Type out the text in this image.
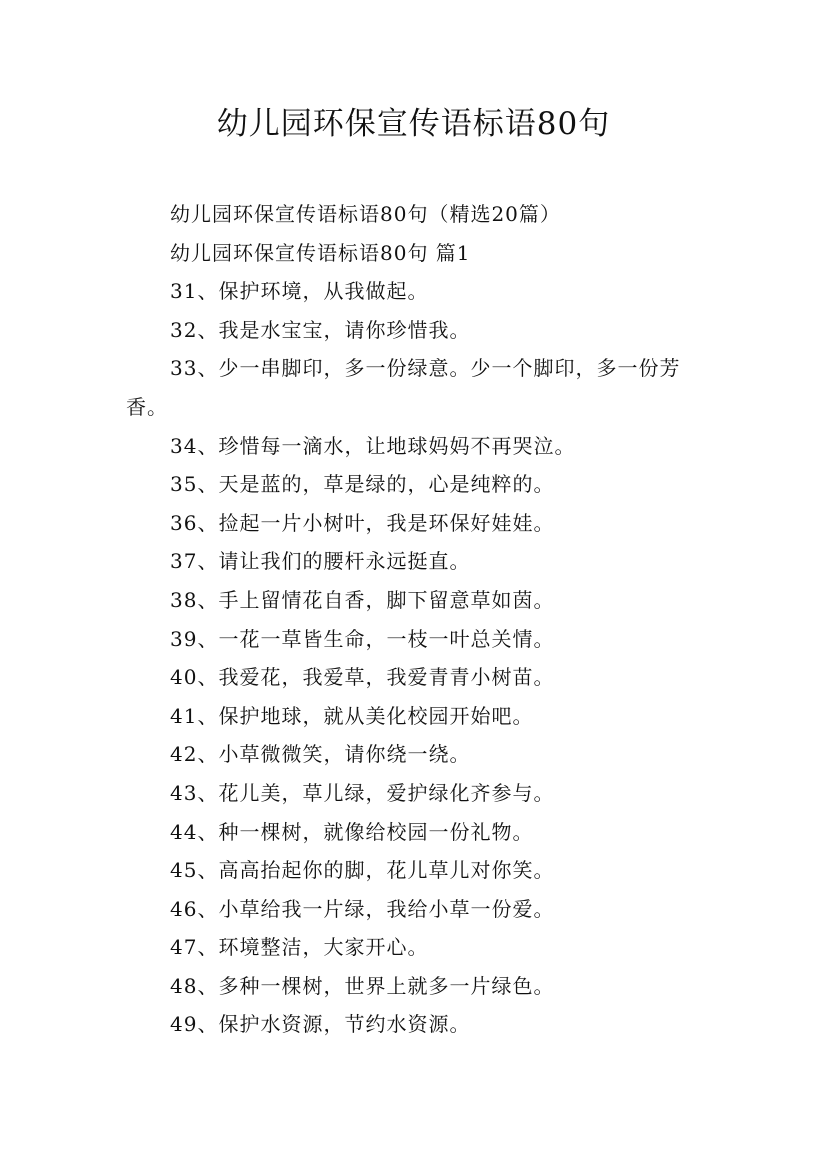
幼儿园环保宣传语标语80句

幼儿园环保宣传语标语80句（精选20篇）

幼儿园环保宣传语标语80句 篇1

31、保护环境，从我做起。

32、我是水宝宝，请你珍惜我。

33、少一串脚印，多一份绿意。少一个脚印，多一份芳香。

34、珍惜每一滴水，让地球妈妈不再哭泣。

35、天是蓝的，草是绿的，心是纯粹的。

36、捡起一片小树叶，我是环保好娃娃。

37、请让我们的腰杆永远挺直。

38、手上留情花自香，脚下留意草如茵。

39、一花一草皆生命，一枝一叶总关情。

40、我爱花，我爱草，我爱青青小树苗。

41、保护地球，就从美化校园开始吧。

42、小草微微笑，请你绕一绕。

43、花儿美，草儿绿，爱护绿化齐参与。

44、种一棵树，就像给校园一份礼物。

45、高高抬起你的脚，花儿草儿对你笑。

46、小草给我一片绿，我给小草一份爱。

47、环境整洁，大家开心。

48、多种一棵树，世界上就多一片绿色。

49、保护水资源，节约水资源。
